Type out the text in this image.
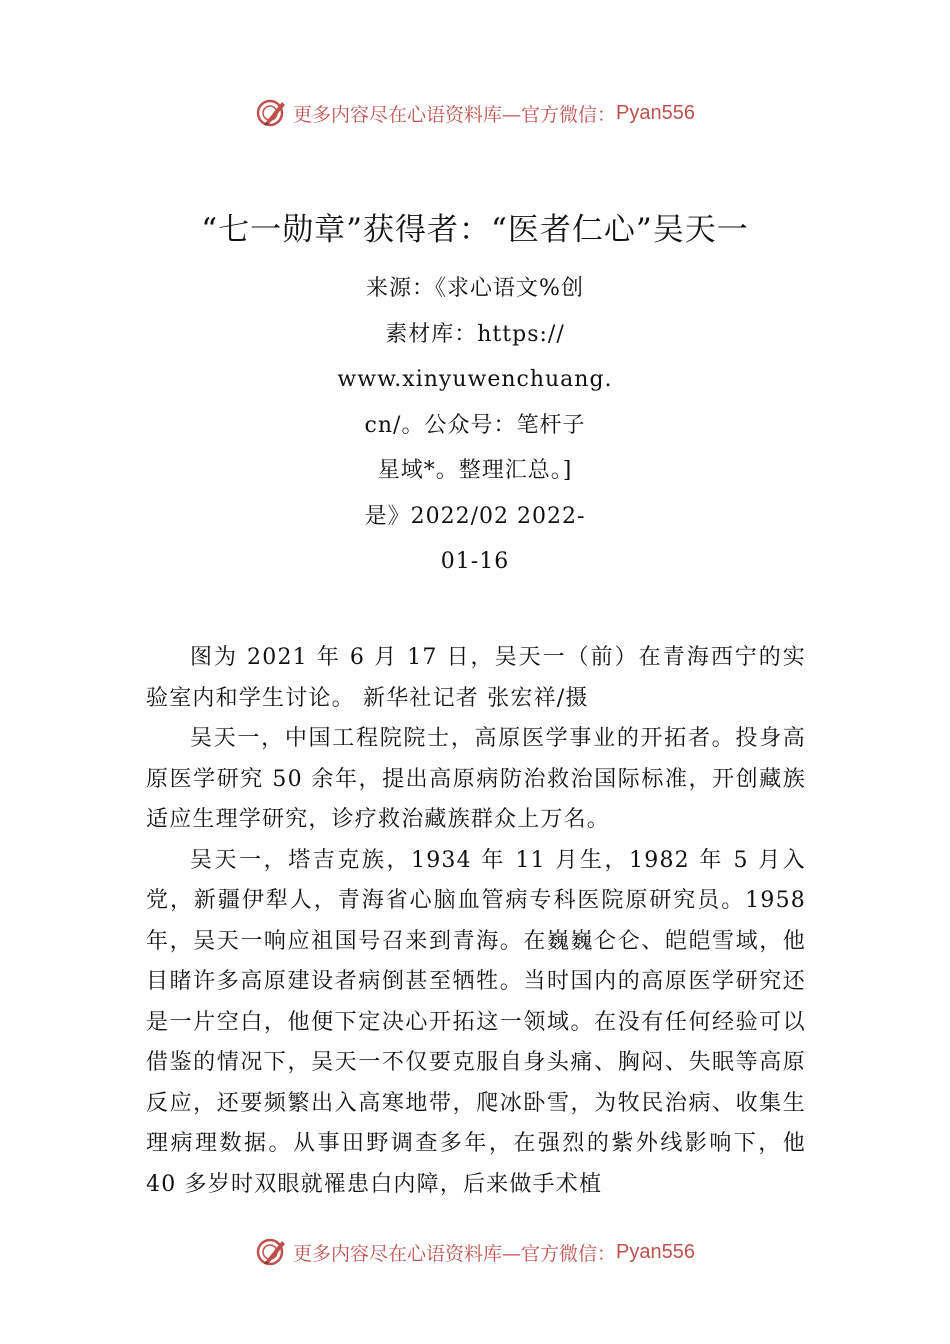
更多内容尽在心语资料库—官方微信： Pyan556
“七一勋章”获得者：“医者仁心”吴天一
来源：《求心语文%创
素材库：https://
www.xinyuwenchuang.
cn/。公众号：笔杆子
星域*。整理汇总。]
是》2022/02 2022-
01-16

图为 2021 年 6 月 17 日，吴天一（前）在青海西宁的实验室内和学生讨论。 新华社记者 张宏祥/摄

吴天一，中国工程院院士，高原医学事业的开拓者。投身高原医学研究 50 余年，提出高原病防治救治国际标准，开创藏族适应生理学研究，诊疗救治藏族群众上万名。

吴天一，塔吉克族，1934 年 11 月生，1982 年 5 月入党，新疆伊犁人，青海省心脑血管病专科医院原研究员。1958 年，吴天一响应祖国号召来到青海。在巍巍仑仑、皑皑雪域，他目睹许多高原建设者病倒甚至牺牲。当时国内的高原医学研究还是一片空白，他便下定决心开拓这一领域。在没有任何经验可以借鉴的情况下，吴天一不仅要克服自身头痛、胸闷、失眠等高原反应，还要频繁出入高寒地带，爬冰卧雪，为牧民治病、收集生理病理数据。从事田野调查多年，在强烈的紫外线影响下，他 40 多岁时双眼就罹患白内障，后来做手术植

更多内容尽在心语资料库—官方微信： Pyan556
